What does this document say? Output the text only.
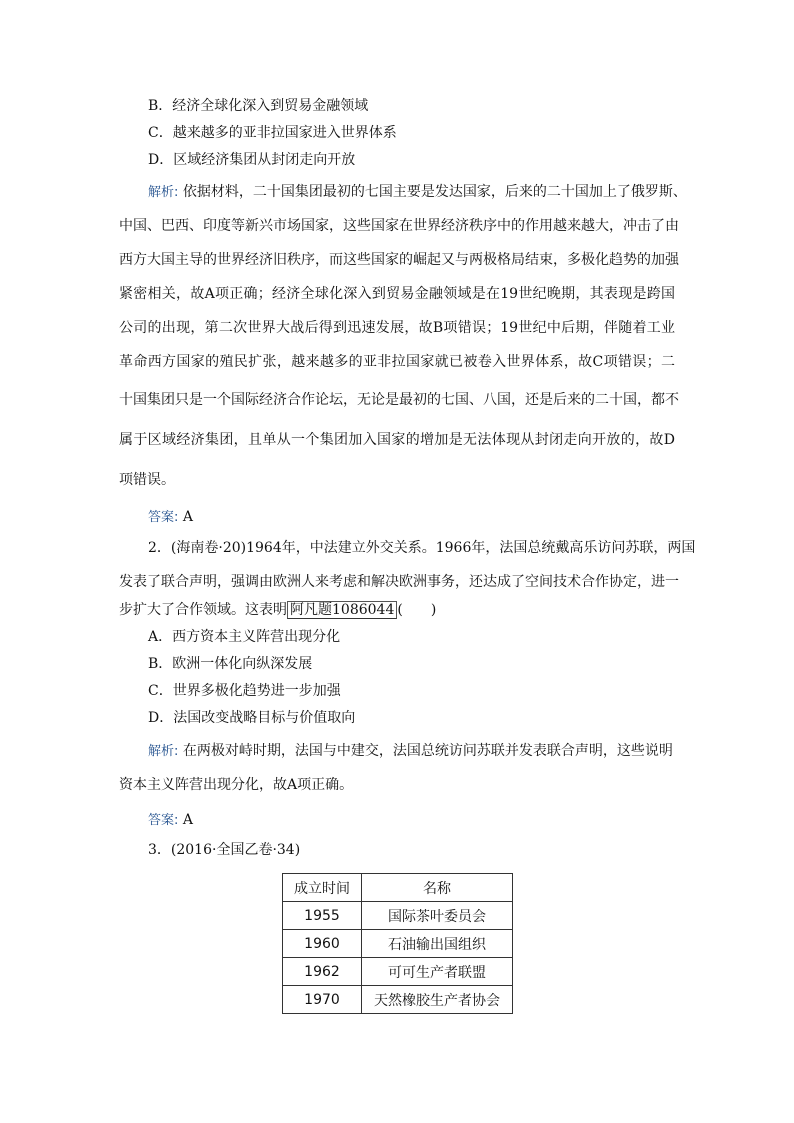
B．经济全球化深入到贸易金融领域
C．越来越多的亚非拉国家进入世界体系
D．区域经济集团从封闭走向开放
解析: 依据材料，二十国集团最初的七国主要是发达国家，后来的二十国加上了俄罗斯、
中国、巴西、印度等新兴市场国家，这些国家在世界经济秩序中的作用越来越大，冲击了由
西方大国主导的世界经济旧秩序，而这些国家的崛起又与两极格局结束，多极化趋势的加强
紧密相关，故A项正确；经济全球化深入到贸易金融领域是在19世纪晚期，其表现是跨国
公司的出现，第二次世界大战后得到迅速发展，故B项错误；19世纪中后期，伴随着工业
革命西方国家的殖民扩张，越来越多的亚非拉国家就已被卷入世界体系，故C项错误；二
十国集团只是一个国际经济合作论坛，无论是最初的七国、八国，还是后来的二十国，都不
属于区域经济集团，且单从一个集团加入国家的增加是无法体现从封闭走向开放的，故D
项错误。
答案: A
2．(海南卷·20)1964年，中法建立外交关系。1966年，法国总统戴高乐访问苏联，两国
发表了联合声明，强调由欧洲人来考虑和解决欧洲事务，还达成了空间技术合作协定，进一
步扩大了合作领域。这表明 阿凡题1086044 (　　)
A．西方资本主义阵营出现分化
B．欧洲一体化向纵深发展
C．世界多极化趋势进一步加强
D．法国改变战略目标与价值取向
解析: 在两极对峙时期，法国与中建交，法国总统访问苏联并发表联合声明，这些说明
资本主义阵营出现分化，故A项正确。
答案: A
3．(2016·全国乙卷·34)
成立时间	名称
1955	国际茶叶委员会
1960	石油输出国组织
1962	可可生产者联盟
1970	天然橡胶生产者协会
